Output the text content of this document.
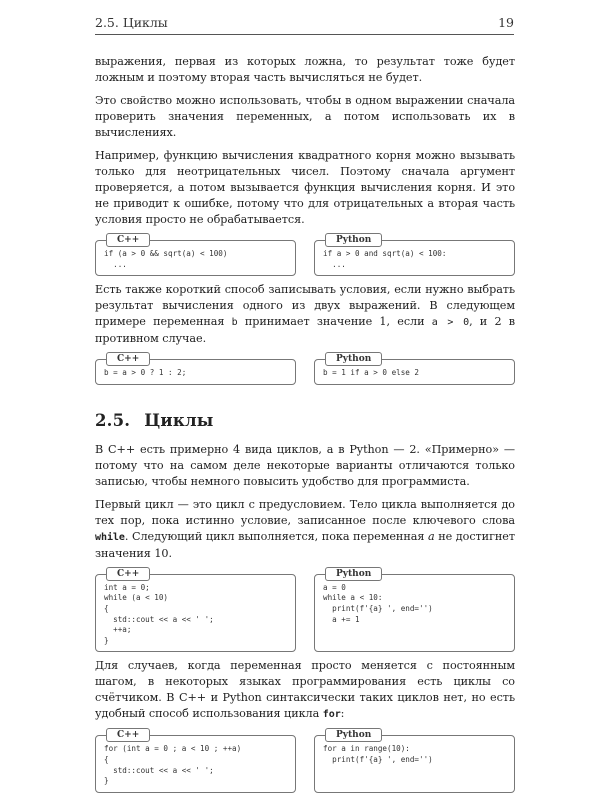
2.5. Циклы	19

выражения, первая из которых ложна, то результат тоже будет ложным и поэтому вторая часть вычисляться не будет.

Это свойство можно использовать, чтобы в одном выражении сначала проверить значения переменных, а потом использовать их в вычислениях.

Например, функцию вычисления квадратного корня можно вызывать только для неотрицательных чисел. Поэтому сначала аргумент проверяется, а потом вызывается функция вычисления корня. И это не приводит к ошибке, потому что для отрицательных a вторая часть условия просто не обрабатывается.

C++
if (a > 0 && sqrt(a) < 100)
...
Python
if a > 0 and sqrt(a) < 100:
...

Есть также короткий способ записывать условия, если нужно выбрать результат вычисления одного из двух выражений. В следующем примере переменная b принимает значение 1, если a > 0, и 2 в противном случае.

C++
b = a > 0 ? 1 : 2;
Python
b = 1 if a > 0 else 2
2.5. Циклы

В C++ есть примерно 4 вида циклов, а в Python — 2. «Примерно» — потому что на самом деле некоторые варианты отличаются только записью, чтобы немного повысить удобство для программиста.

Первый цикл — это цикл с предусловием. Тело цикла выполняется до тех пор, пока истинно условие, записанное после ключевого слова while. Следующий цикл выполняется, пока переменная a не достигнет значения 10.

C++
int a = 0;
while (a < 10)
{
std::cout << a << ' ';
++a;
}
Python
a = 0
while a < 10:
print(f'{a} ', end='')
a += 1

Для случаев, когда переменная просто меняется с постоянным шагом, в некоторых языках программирования есть циклы со счётчиком. В C++ и Python синтаксически таких циклов нет, но есть удобный способ использования цикла for:

C++
for (int a = 0 ; a < 10 ; ++a)
{
std::cout << a << ' ';
}
Python
for a in range(10):
print(f'{a} ', end='')
